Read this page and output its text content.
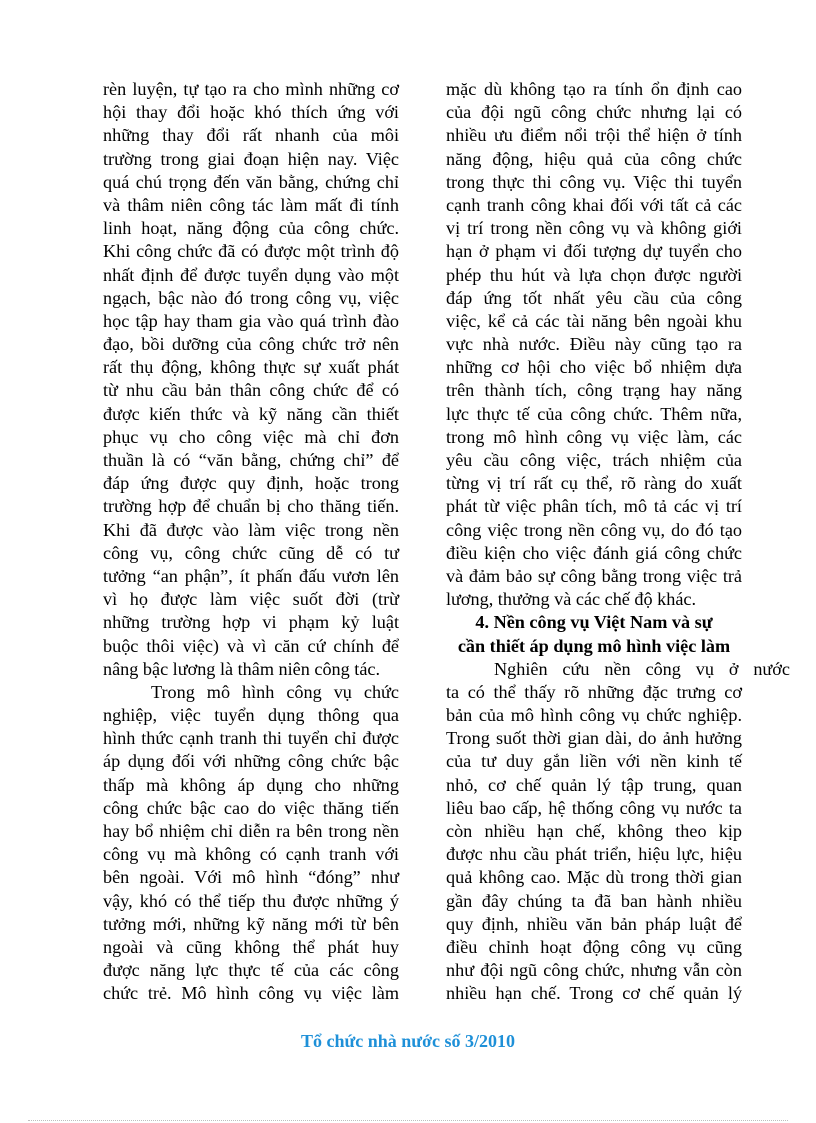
rèn luyện, tự tạo ra cho mình những cơ
hội thay đổi hoặc khó thích ứng với
những thay đổi rất nhanh của môi
trường trong giai đoạn hiện nay. Việc
quá chú trọng đến văn bằng, chứng chỉ
và thâm niên công tác làm mất đi tính
linh hoạt, năng động của công chức.
Khi công chức đã có được một trình độ
nhất định để được tuyển dụng vào một
ngạch, bậc nào đó trong công vụ, việc
học tập hay tham gia vào quá trình đào
đạo, bồi dưỡng của công chức trở nên
rất thụ động, không thực sự xuất phát
từ nhu cầu bản thân công chức để có
được kiến thức và kỹ năng cần thiết
phục vụ cho công việc mà chỉ đơn
thuần là có “văn bằng, chứng chỉ” để
đáp ứng được quy định, hoặc trong
trường hợp để chuẩn bị cho thăng tiến.
Khi đã được vào làm việc trong nền
công vụ, công chức cũng dễ có tư
tưởng “an phận”, ít phấn đấu vươn lên
vì họ được làm việc suốt đời (trừ
những trường hợp vi phạm kỷ luật
buộc thôi việc) và vì căn cứ chính để
nâng bậc lương là thâm niên công tác.
Trong mô hình công vụ chức
nghiệp, việc tuyển dụng thông qua
hình thức cạnh tranh thi tuyển chỉ được
áp dụng đối với những công chức bậc
thấp mà không áp dụng cho những
công chức bậc cao do việc thăng tiến
hay bổ nhiệm chỉ diễn ra bên trong nền
công vụ mà không có cạnh tranh với
bên ngoài. Với mô hình “đóng” như
vậy, khó có thể tiếp thu được những ý
tưởng mới, những kỹ năng mới từ bên
ngoài và cũng không thể phát huy
được năng lực thực tế của các công
chức trẻ. Mô hình công vụ việc làm
mặc dù không tạo ra tính ổn định cao
của đội ngũ công chức nhưng lại có
nhiều ưu điểm nổi trội thể hiện ở tính
năng động, hiệu quả của công chức
trong thực thi công vụ. Việc thi tuyển
cạnh tranh công khai đối với tất cả các
vị trí trong nền công vụ và không giới
hạn ở phạm vi đối tượng dự tuyển cho
phép thu hút và lựa chọn được người
đáp ứng tốt nhất yêu cầu của công
việc, kể cả các tài năng bên ngoài khu
vực nhà nước. Điều này cũng tạo ra
những cơ hội cho việc bổ nhiệm dựa
trên thành tích, công trạng hay năng
lực thực tế của công chức. Thêm nữa,
trong mô hình công vụ việc làm, các
yêu cầu công việc, trách nhiệm của
từng vị trí rất cụ thể, rõ ràng do xuất
phát từ việc phân tích, mô tả các vị trí
công việc trong nền công vụ, do đó tạo
điều kiện cho việc đánh giá công chức
và đảm bảo sự công bằng trong việc trả
lương, thưởng và các chế độ khác.
4. Nền công vụ Việt Nam và sự
cần thiết áp dụng mô hình việc làm
Nghiên cứu nền công vụ ở nước
ta có thể thấy rõ những đặc trưng cơ
bản của mô hình công vụ chức nghiệp.
Trong suốt thời gian dài, do ảnh hưởng
của tư duy gắn liền với nền kinh tế
nhỏ, cơ chế quản lý tập trung, quan
liêu bao cấp, hệ thống công vụ nước ta
còn nhiều hạn chế, không theo kịp
được nhu cầu phát triển, hiệu lực, hiệu
quả không cao. Mặc dù trong thời gian
gần đây chúng ta đã ban hành nhiều
quy định, nhiều văn bản pháp luật để
điều chỉnh hoạt động công vụ cũng
như đội ngũ công chức, nhưng vẫn còn
nhiều hạn chế. Trong cơ chế quản lý
Tổ chức nhà nước số 3/2010
